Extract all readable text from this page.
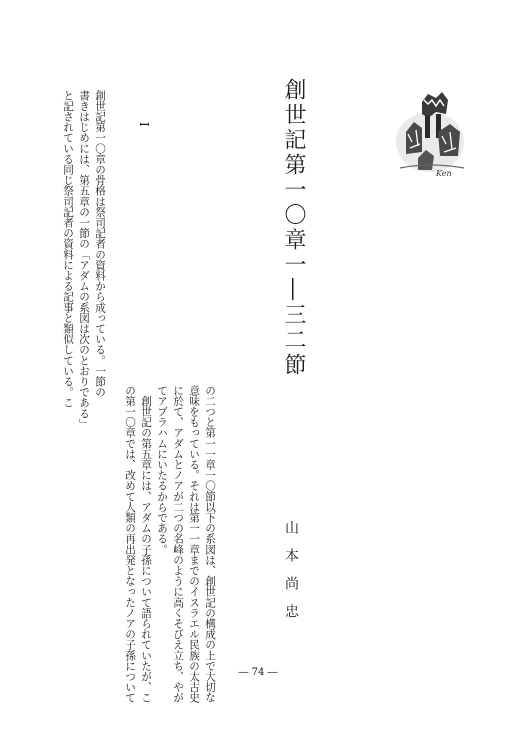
創世記第一〇章一―三二節
山本尚忠
I
創世記第一〇章の骨格は祭司記者の資料から成っている。一節の
書きはじめには、第五章の一節の「アダムの系図は次のとおりである」
と記されている同じ祭司記者の資料による記事と類似している。こ
の二つと第一一章一〇節以下の系図は、創世記の構成の上で大切な
意味をもっている。それは第一一章までのイスラエル民族の太古史
に於て、アダムとノアが二つの名峰のように高くそびえ立ち、やが
てアブラハムにいたるからである。
　創世記の第五章には、アダムの子孫について語られていたが、こ
の第一〇章では、改めて人類の再出発となったノアの子孫について
Ken
― 74 ―
